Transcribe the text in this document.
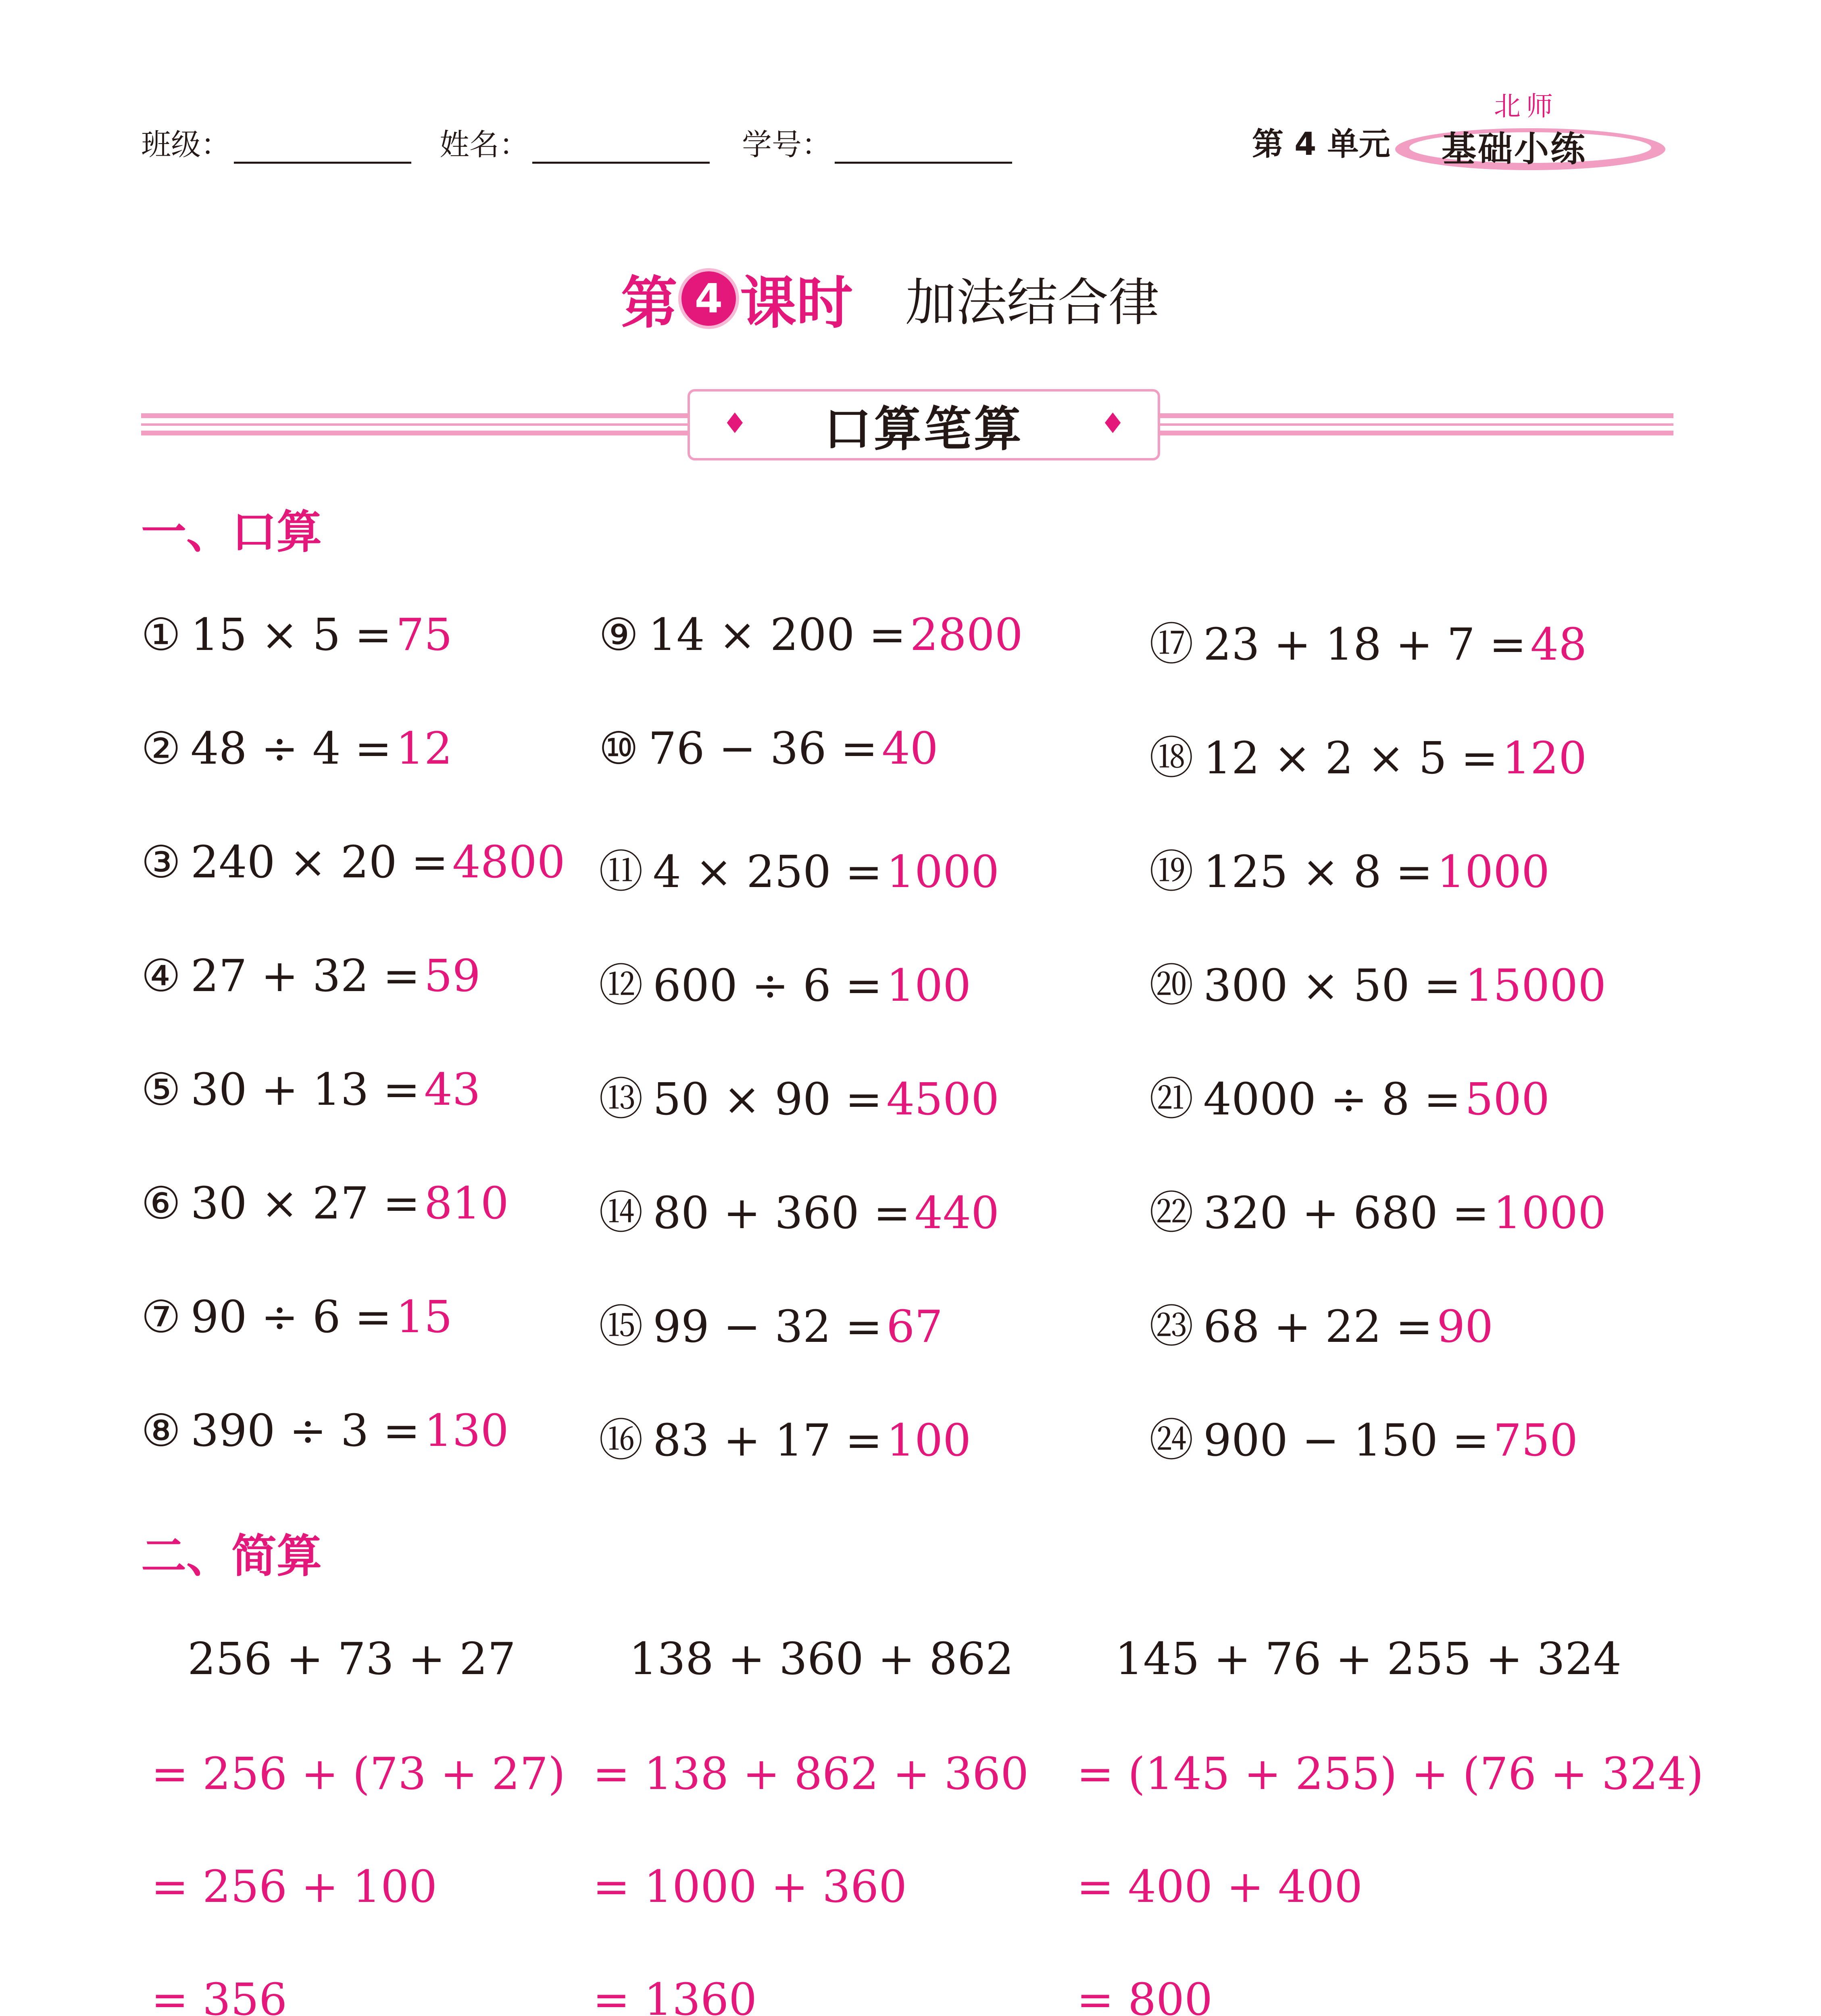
班级：	姓名：	学号：	第 4 单元
北师
基础小练
第 4 课时 加法结合律
♦ 口算笔算	♦
一、口算
① 15 × 5 =75
② 48 ÷ 4 =12
③ 240 × 20 =4800
④ 27 + 32 =59
⑤ 30 + 13 =43
⑥ 30 × 27 =810
⑦ 90 ÷ 6 =15
⑧ 390 ÷ 3 =130
⑨ 14 × 200 =2800
⑩ 76 − 36 =40
⑪ 4 × 250 =1000
⑫ 600 ÷ 6 =100
⑬ 50 × 90 =4500
⑭ 80 + 360 =440
⑮ 99 − 32 =67
⑯ 83 + 17 =100
⑰ 23 + 18 + 7 =48
⑱ 12 × 2 × 5 =120
⑲ 125 × 8 =1000
⑳ 300 × 50 =15000
㉑ 4000 ÷ 8 =500
㉒ 320 + 680 =1000
㉓ 68 + 22 =90
㉔ 900 − 150 =750
二、简算
256 + 73 + 27
= 256 + (73 + 27)
= 256 + 100
= 356
138 + 360 + 862
= 138 + 862 + 360
= 1000 + 360
= 1360
145 + 76 + 255 + 324
= (145 + 255) + (76 + 324)
= 400 + 400
= 800
